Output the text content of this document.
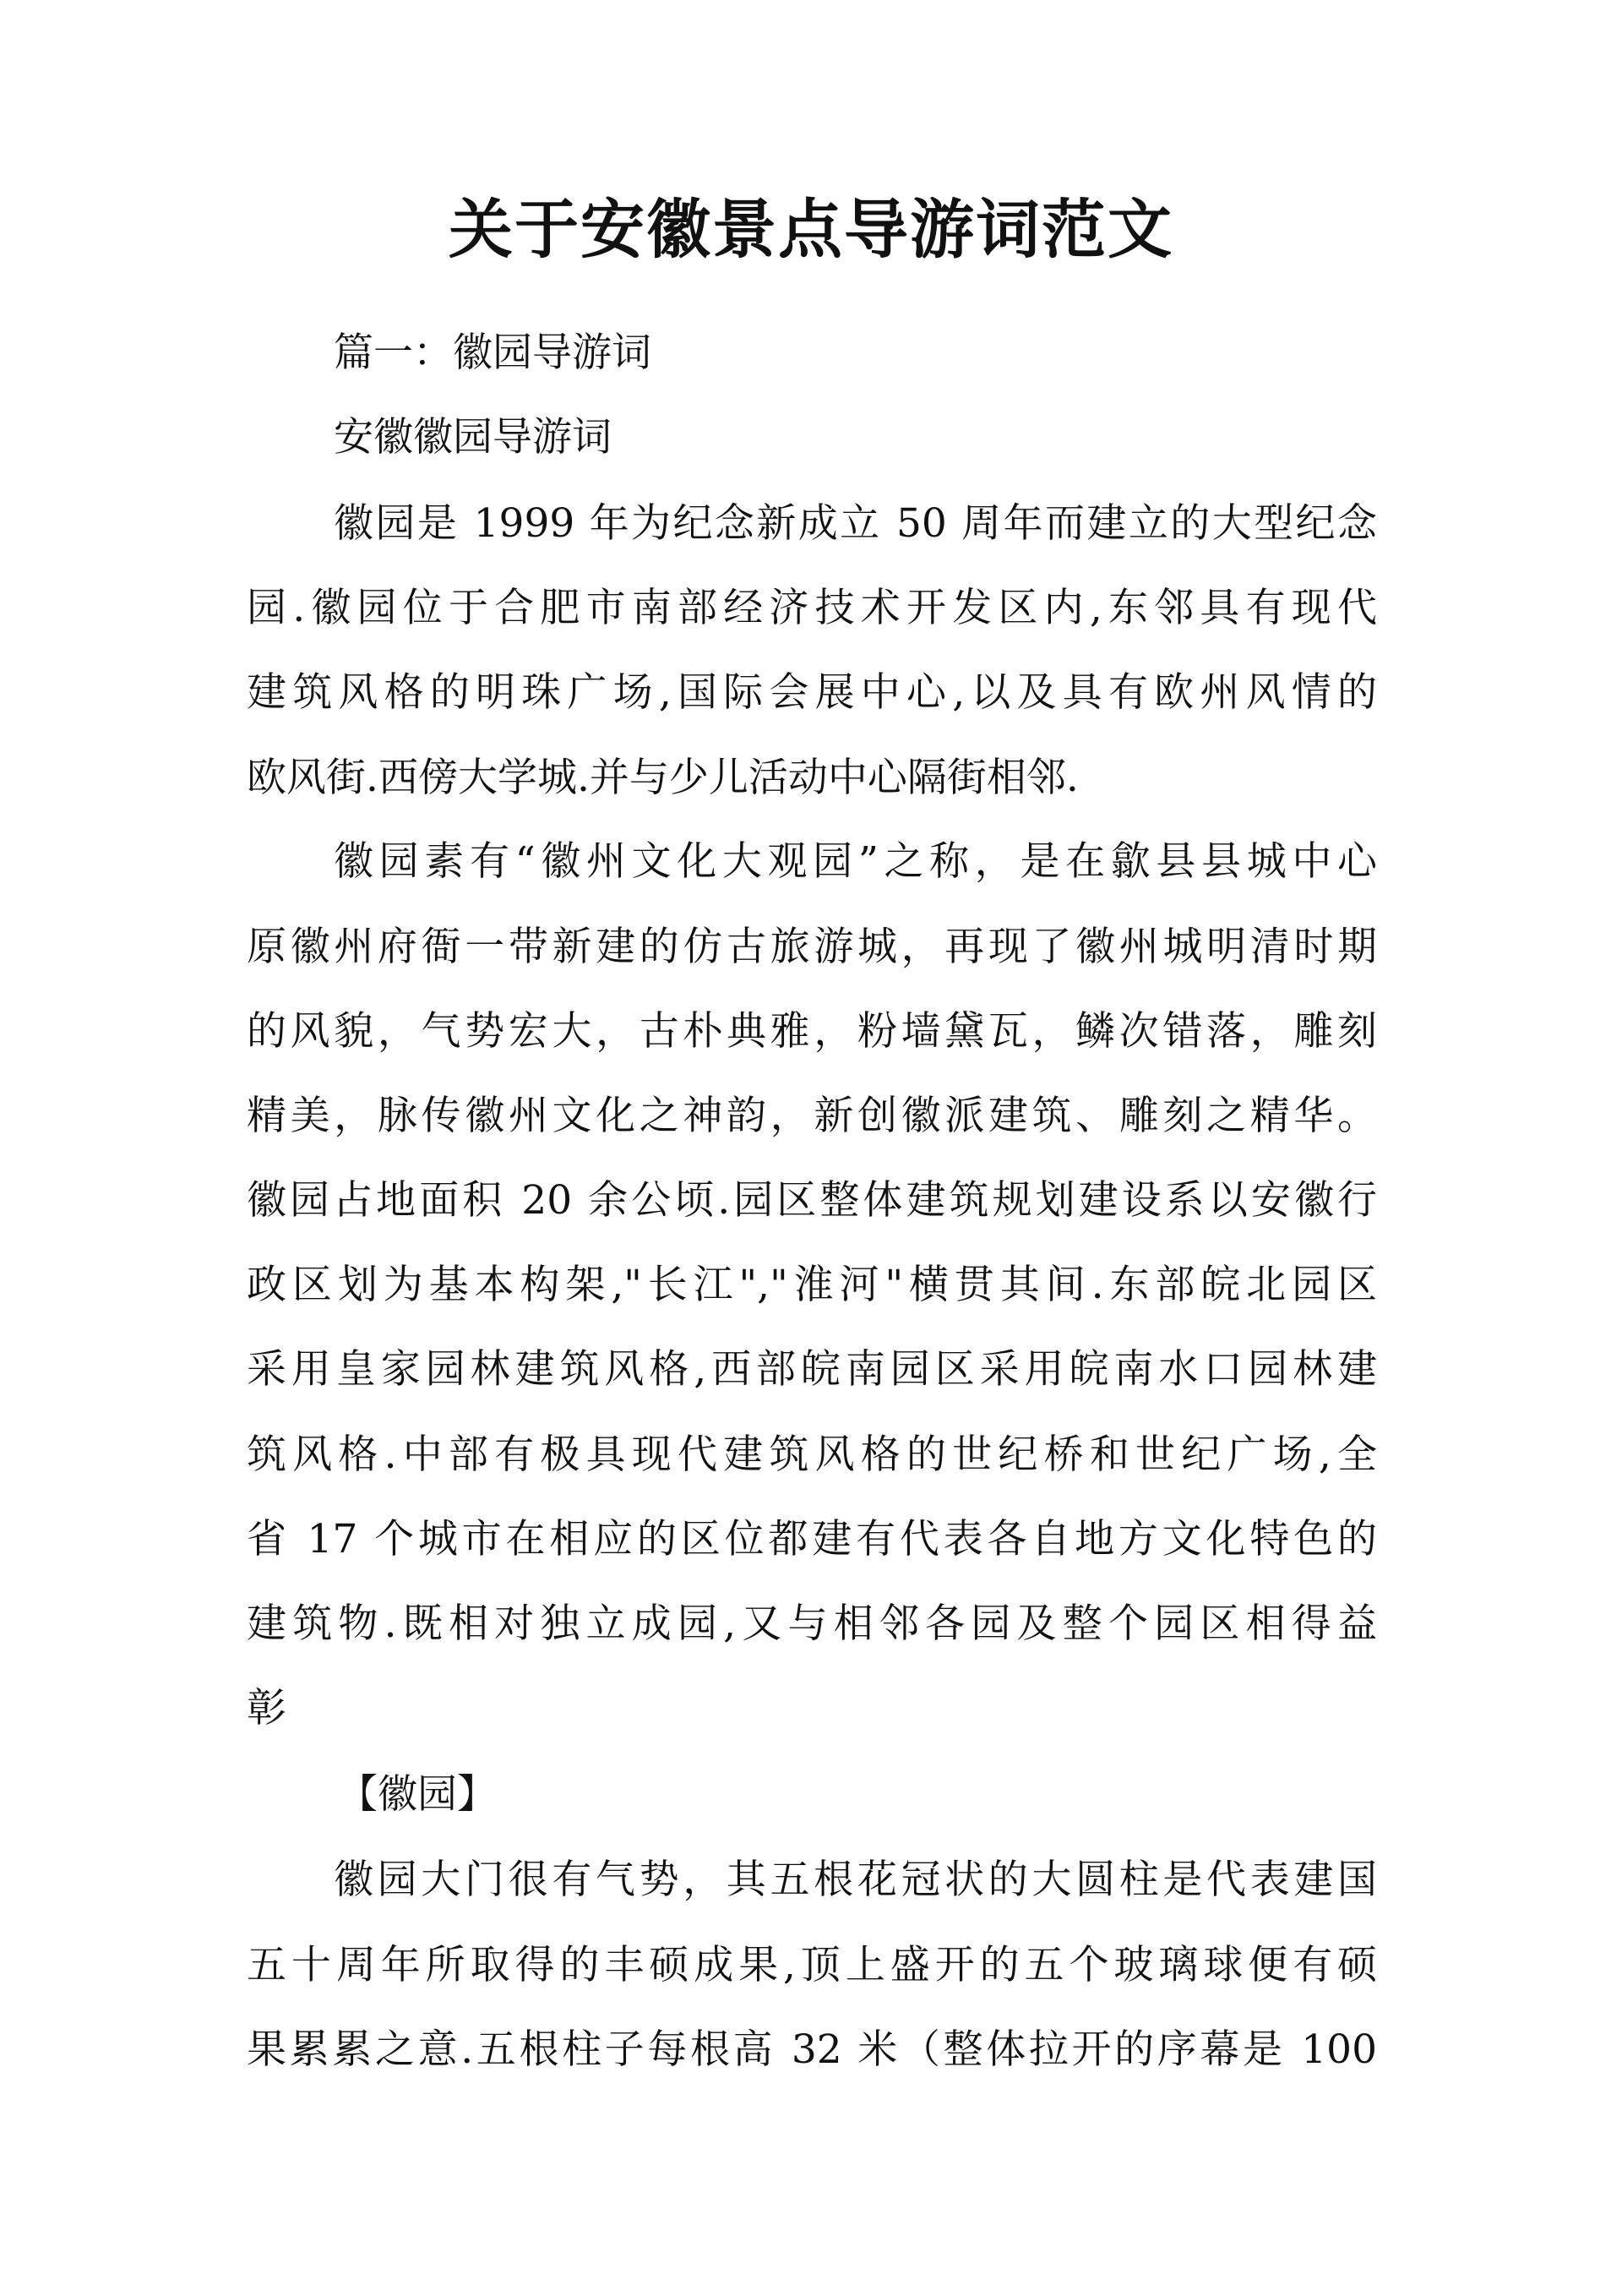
关于安徽景点导游词范文

篇一：徽园导游词

安徽徽园导游词

徽园是 1999 年为纪念新成立 50 周年而建立的大型纪念

园.徽园位于合肥市南部经济技术开发区内,东邻具有现代

建筑风格的明珠广场,国际会展中心,以及具有欧州风情的

欧风街.西傍大学城.并与少儿活动中心隔街相邻.

徽园素有“徽州文化大观园”之称，是在歙县县城中心

原徽州府衙一带新建的仿古旅游城，再现了徽州城明清时期

的风貌，气势宏大，古朴典雅，粉墙黛瓦，鳞次错落，雕刻

精美，脉传徽州文化之神韵，新创徽派建筑、雕刻之精华。

徽园占地面积 20 余公顷.园区整体建筑规划建设系以安徽行

政区划为基本构架,"长江","淮河"横贯其间.东部皖北园区

采用皇家园林建筑风格,西部皖南园区采用皖南水口园林建

筑风格.中部有极具现代建筑风格的世纪桥和世纪广场,全

省 17 个城市在相应的区位都建有代表各自地方文化特色的

建筑物.既相对独立成园,又与相邻各园及整个园区相得益

彰

【徽园】

徽园大门很有气势，其五根花冠状的大圆柱是代表建国

五十周年所取得的丰硕成果,顶上盛开的五个玻璃球便有硕

果累累之意.五根柱子每根高 32 米（整体拉开的序幕是 100
